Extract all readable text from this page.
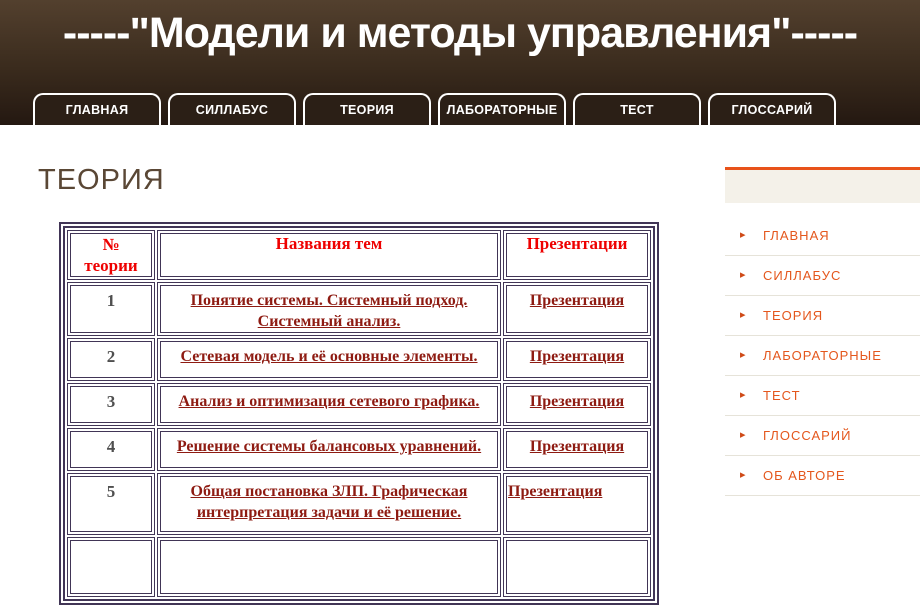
-----"Модели и методы управления"-----
ГЛАВНАЯ	СИЛЛАБУС	ТЕОРИЯ	ЛАБОРАТОРНЫЕ	ТЕСТ	ГЛОССАРИЙ
ТЕОРИЯ
№ теории	Названия тем	Презентации
1	Понятие системы. Системный подход. Системный анализ.	Презентация
2	Сетевая модель и её основные элементы.	Презентация
3	Анализ и оптимизация сетевого графика.	Презентация
4	Решение системы балансовых уравнений.	Презентация
5	Общая постановка ЗЛП. Графическая интерпретация задачи и её решение.	Презентация

▸ ГЛАВНАЯ
▸ СИЛЛАБУС
▸ ТЕОРИЯ
▸ ЛАБОРАТОРНЫЕ
▸ ТЕСТ
▸ ГЛОССАРИЙ
▸ ОБ АВТОРЕ
